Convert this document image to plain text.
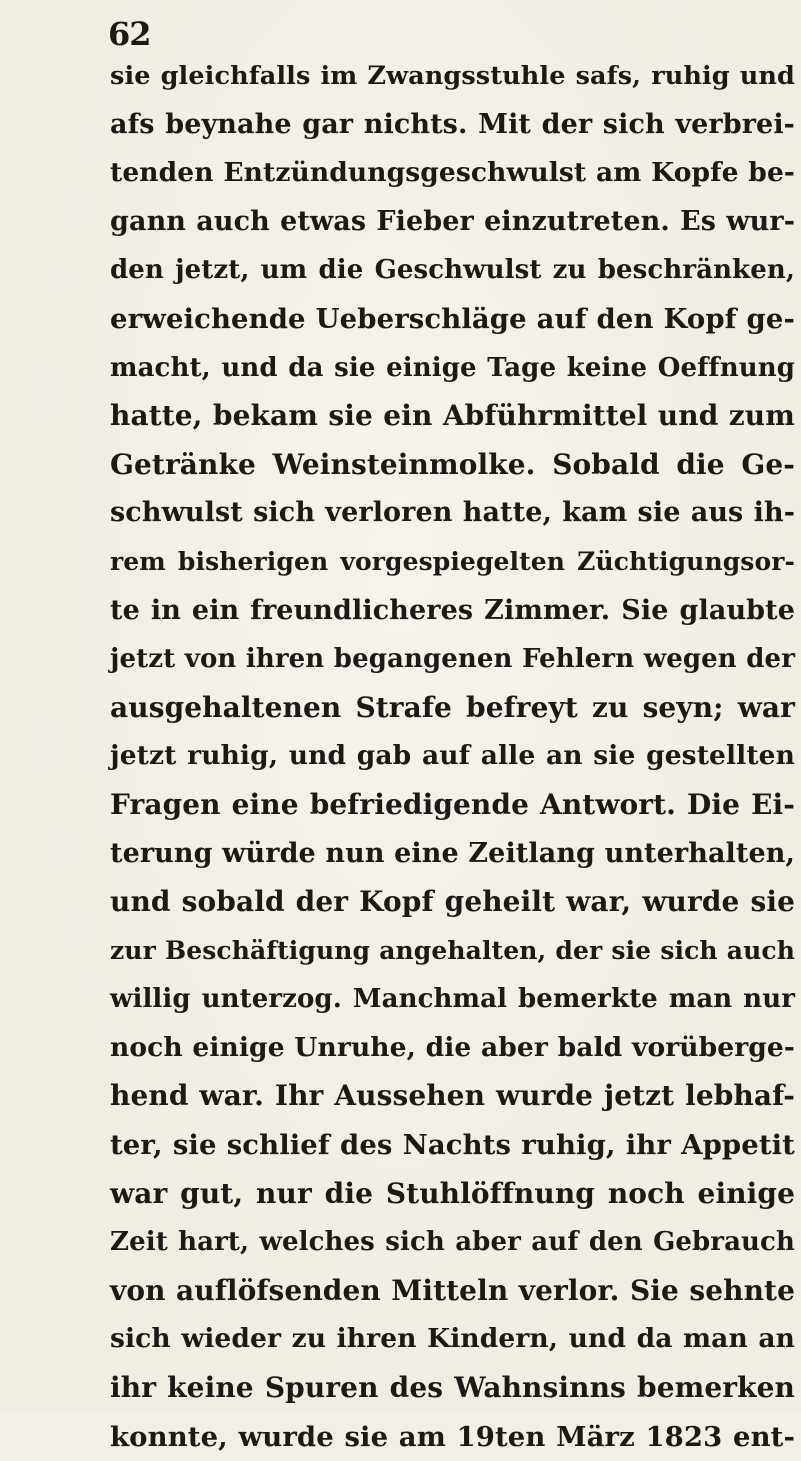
62
sie gleichfalls im Zwangsstuhle safs, ruhig und
afs beynahe gar nichts. Mit der sich verbrei-
tenden Entzündungsgeschwulst am Kopfe be-
gann auch etwas Fieber einzutreten. Es wur-
den jetzt, um die Geschwulst zu beschränken,
erweichende Ueberschläge auf den Kopf ge-
macht, und da sie einige Tage keine Oeffnung
hatte, bekam sie ein Abführmittel und zum
Getränke Weinsteinmolke. Sobald die Ge-
schwulst sich verloren hatte, kam sie aus ih-
rem bisherigen vorgespiegelten Züchtigungsor-
te in ein freundlicheres Zimmer. Sie glaubte
jetzt von ihren begangenen Fehlern wegen der
ausgehaltenen Strafe befreyt zu seyn; war
jetzt ruhig, und gab auf alle an sie gestellten
Fragen eine befriedigende Antwort. Die Ei-
terung würde nun eine Zeitlang unterhalten,
und sobald der Kopf geheilt war, wurde sie
zur Beschäftigung angehalten, der sie sich auch
willig unterzog. Manchmal bemerkte man nur
noch einige Unruhe, die aber bald vorüberge-
hend war. Ihr Aussehen wurde jetzt lebhaf-
ter, sie schlief des Nachts ruhig, ihr Appetit
war gut, nur die Stuhlöffnung noch einige
Zeit hart, welches sich aber auf den Gebrauch
von auflöfsenden Mitteln verlor. Sie sehnte
sich wieder zu ihren Kindern, und da man an
ihr keine Spuren des Wahnsinns bemerken
konnte, wurde sie am 19ten März 1823 ent-
